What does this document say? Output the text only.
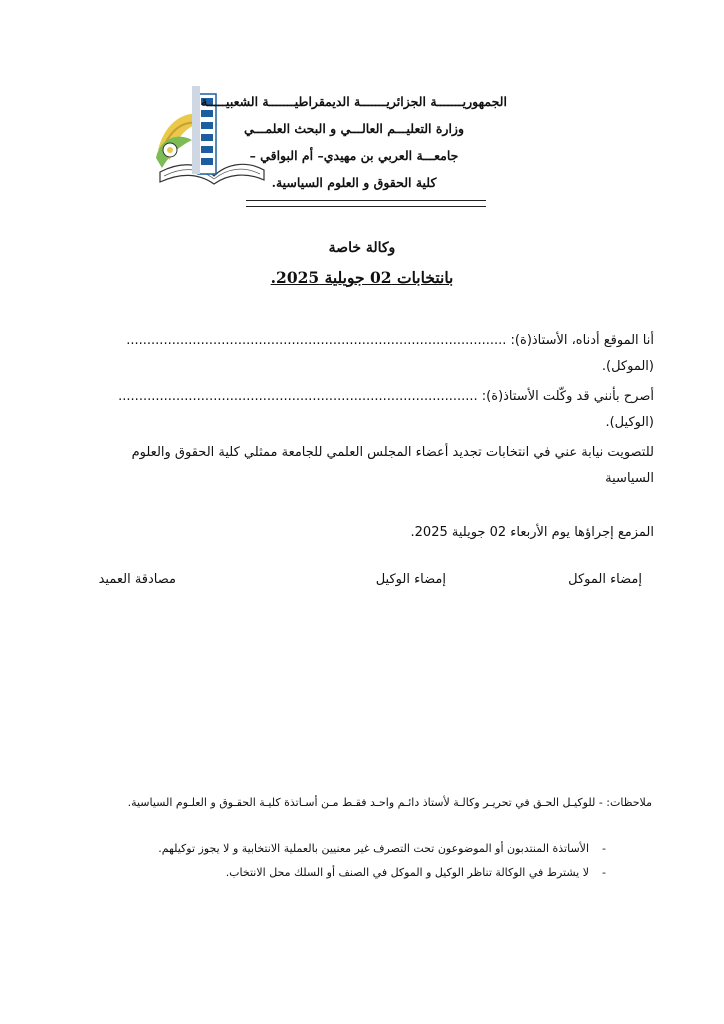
الجمهوريـــــــة الجزائريـــــــة الديمقراطيـــــــة الشعبيـــــة
وزارة التعليـــم العالـــي و البحث العلمـــي
جامعـــة العربي بن مهيدي– أم البواقي –
كلية الحقوق و العلوم السياسية.
وكالة خاصة
بانتخابات 02 جويلية 2025.
أنا الموقع أدناه، الأستاذ(ة): ............................................................................................ (الموكل).
أصرح بأنني قد وكّلت الأستاذ(ة): ....................................................................................... (الوكيل).
للتصويت نيابة عني في انتخابات تجديد أعضاء المجلس العلمي للجامعة ممثلي كلية الحقوق والعلوم السياسية
المزمع إجراؤها يوم الأربعاء 02 جويلية 2025.
إمضاء الموكل
إمضاء الوكيل
مصادقة العميد
ملاحظات: - للوكيـل الحـق في تحريـر وكالـة لأستاذ دائـم واحـد فقـط مـن أسـاتذة كليـة الحقـوق و العلـوم السياسية.
-الأساتذة المنتدبون أو الموضوعون تحت التصرف غير معنيين بالعملية الانتخابية و لا يجوز توكيلهم.
-لا يشترط في الوكالة تناظر الوكيل و الموكل في الصنف أو السلك محل الانتخاب.
